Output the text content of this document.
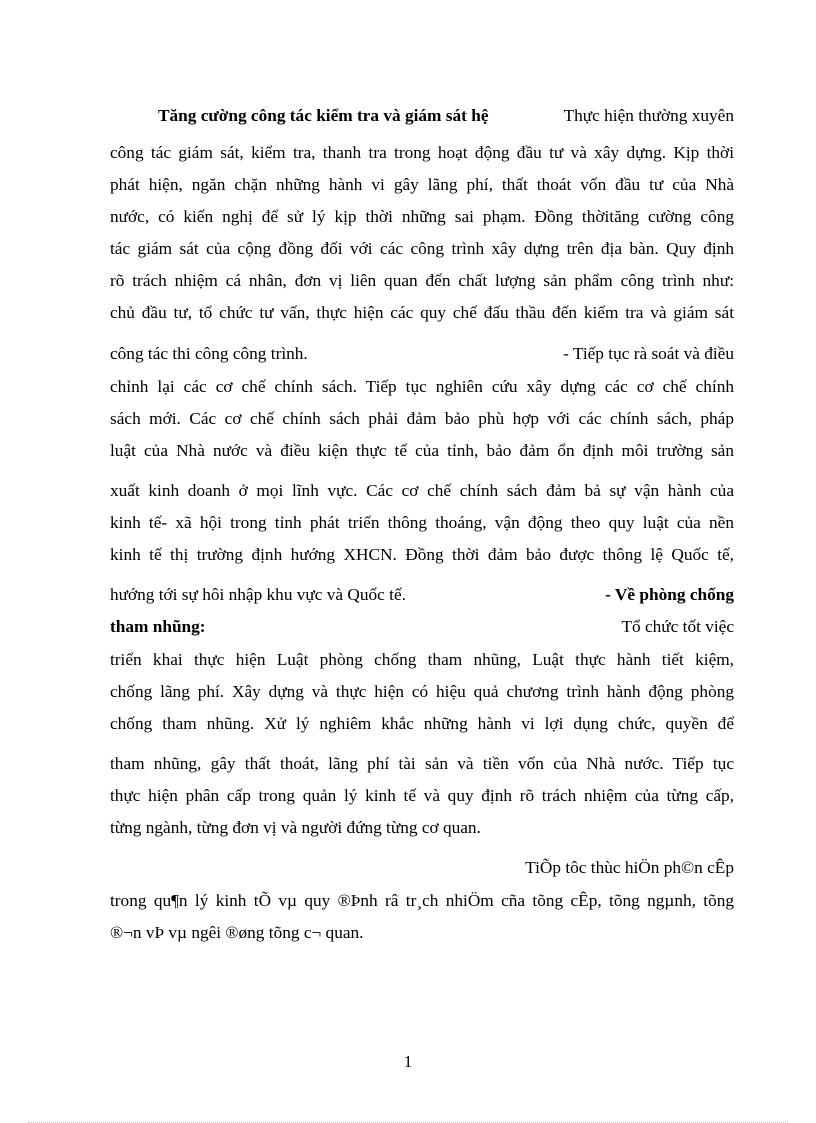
Tăng cường công tác kiểm tra và giám sát hệ	Thực hiện thường xuyên
công tác giám sát, kiểm tra, thanh tra trong hoạt động đầu tư và xây dựng. Kịp thời
phát hiện, ngăn chặn những hành vi gây lãng phí, thất thoát vốn đầu tư của Nhà
nước, có kiến nghị để sử lý kịp thời những sai phạm. Đồng thờităng cường công
tác giám sát của cộng đồng đối với các công trình xây dựng trên địa bàn. Quy định
rõ trách nhiệm cá nhân, đơn vị liên quan đến chất lượng sản phẩm công trình như:
chủ đầu tư, tổ chức tư vấn, thực hiện các quy chế đấu thầu đến kiểm tra và giám sát
công tác thi công công trình.	- Tiếp tục rà soát và điều
chỉnh lại các cơ chế chính sách. Tiếp tục nghiên cứu xây dựng các cơ chế chính
sách mới. Các cơ chế chính sách phải đảm bảo phù hợp với các chính sách, pháp
luật của Nhà nước và điều kiện thực tế của tỉnh, bảo đảm ổn định môi trường sản
xuất kinh doanh ở mọi lĩnh vực. Các cơ chế chính sách đảm bả sự vận hành của
kinh tế- xã hội trong tỉnh phát triển thông thoáng, vận động theo quy luật của nền
kinh tế thị trường định hướng XHCN. Đồng thời đảm bảo được thông lệ Quốc tế,
hướng tới sự hôi nhập khu vực và Quốc tế.	- Về phòng chống
tham nhũng:	Tổ chức tốt việc
triển khai thực hiện Luật phòng chống tham nhũng, Luật thực hành tiết kiệm,
chống lãng phí. Xây dựng và thực hiện có hiệu quả chương trình hành động phòng
chống tham nhũng. Xử lý nghiêm khắc những hành vi lợi dụng chức, quyền để
tham nhũng, gây thất thoát, lãng phí tài sản và tiền vốn của Nhà nước. Tiếp tục
thực hiện phân cấp trong quản lý kinh tế và quy định rõ trách nhiệm của từng cấp,
từng ngành, từng đơn vị và người đứng từng cơ quan.
TiÕp tôc thùc hiÖn ph©n cÊp
trong qu¶n lý kinh tÕ vµ quy ®Þnh râ tr¸ch nhiÖm cña tõng cÊp, tõng ngµnh, tõng
®¬n vÞ vµ ngêi ®øng tõng c¬ quan.
1
